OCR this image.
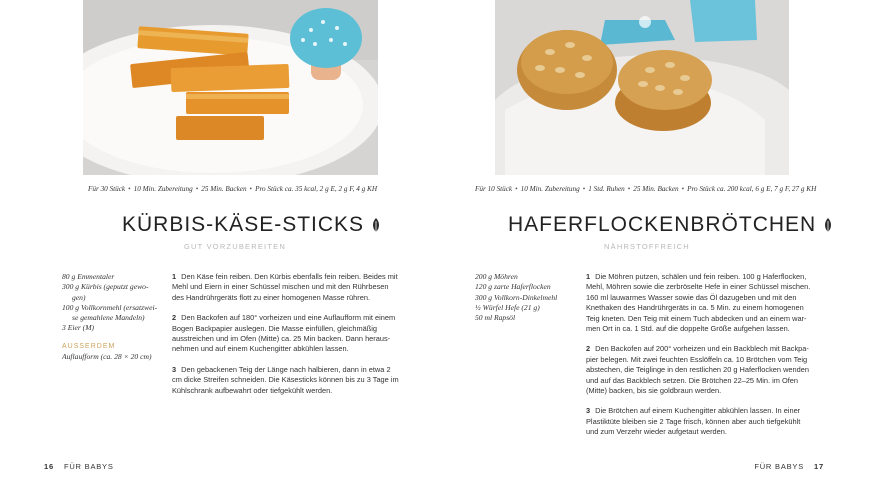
Für 30 Stück • 10 Min. Zubereitung • 25 Min. Backen • Pro Stück ca. 35 kcal, 2 g E, 2 g F, 4 g KH
KÜRBIS-KÄSE-STICKS
GUT VORZUBEREITEN
80 g Emmentaler
300 g Kürbis (geputzt gewo-
gen)
100 g Vollkornmehl (ersatzwei-
se gemahlene Mandeln)
3 Eier (M)
AUSSERDEM
Auflaufform (ca. 28 × 20 cm)

1 Den Käse fein reiben. Den Kürbis ebenfalls fein reiben. Beides mit Mehl und Eiern in einer Schüssel mischen und mit den Rührbesen des Handrührgeräts flott zu einer homogenen Masse rühren.

2 Den Backofen auf 180° vorheizen und eine Auflaufform mit einem Bogen Backpapier auslegen. Die Masse einfüllen, gleichmäßig ausstreichen und im Ofen (Mitte) ca. 25 Min backen. Dann heraus-nehmen und auf einem Kuchengitter abkühlen lassen.

3 Den gebackenen Teig der Länge nach halbieren, dann in etwa 2 cm dicke Streifen schneiden. Die Käsesticks können bis zu 3 Tage im Kühlschrank aufbewahrt oder tiefgekühlt werden.

16 FÜR BABYS
Für 10 Stück • 10 Min. Zubereitung • 1 Std. Ruhen • 25 Min. Backen • Pro Stück ca. 200 kcal, 6 g E, 7 g F, 27 g KH
HAFERFLOCKENBRÖTCHEN
NÄHRSTOFFREICH
200 g Möhren
120 g zarte Haferflocken
300 g Vollkorn-Dinkelmehl
½ Würfel Hefe (21 g)
50 ml Rapsöl

1 Die Möhren putzen, schälen und fein reiben. 100 g Haferflocken, Mehl, Möhren sowie die zerbröselte Hefe in einer Schüssel mischen. 160 ml lauwarmes Wasser sowie das Öl dazugeben und mit den Knethaken des Handrührgeräts in ca. 5 Min. zu einem homogenen Teig kneten. Den Teig mit einem Tuch abdecken und an einem war-men Ort in ca. 1 Std. auf die doppelte Größe aufgehen lassen.

2 Den Backofen auf 200° vorheizen und ein Backblech mit Backpa-pier belegen. Mit zwei feuchten Esslöffeln ca. 10 Brötchen vom Teig abstechen, die Teiglinge in den restlichen 20 g Haferflocken wenden und auf das Backblech setzen. Die Brötchen 22–25 Min. im Ofen (Mitte) backen, bis sie goldbraun werden.

3 Die Brötchen auf einem Kuchengitter abkühlen lassen. In einer Plastiktüte bleiben sie 2 Tage frisch, können aber auch tiefgekühlt und zum Verzehr wieder aufgetaut werden.

FÜR BABYS 17
